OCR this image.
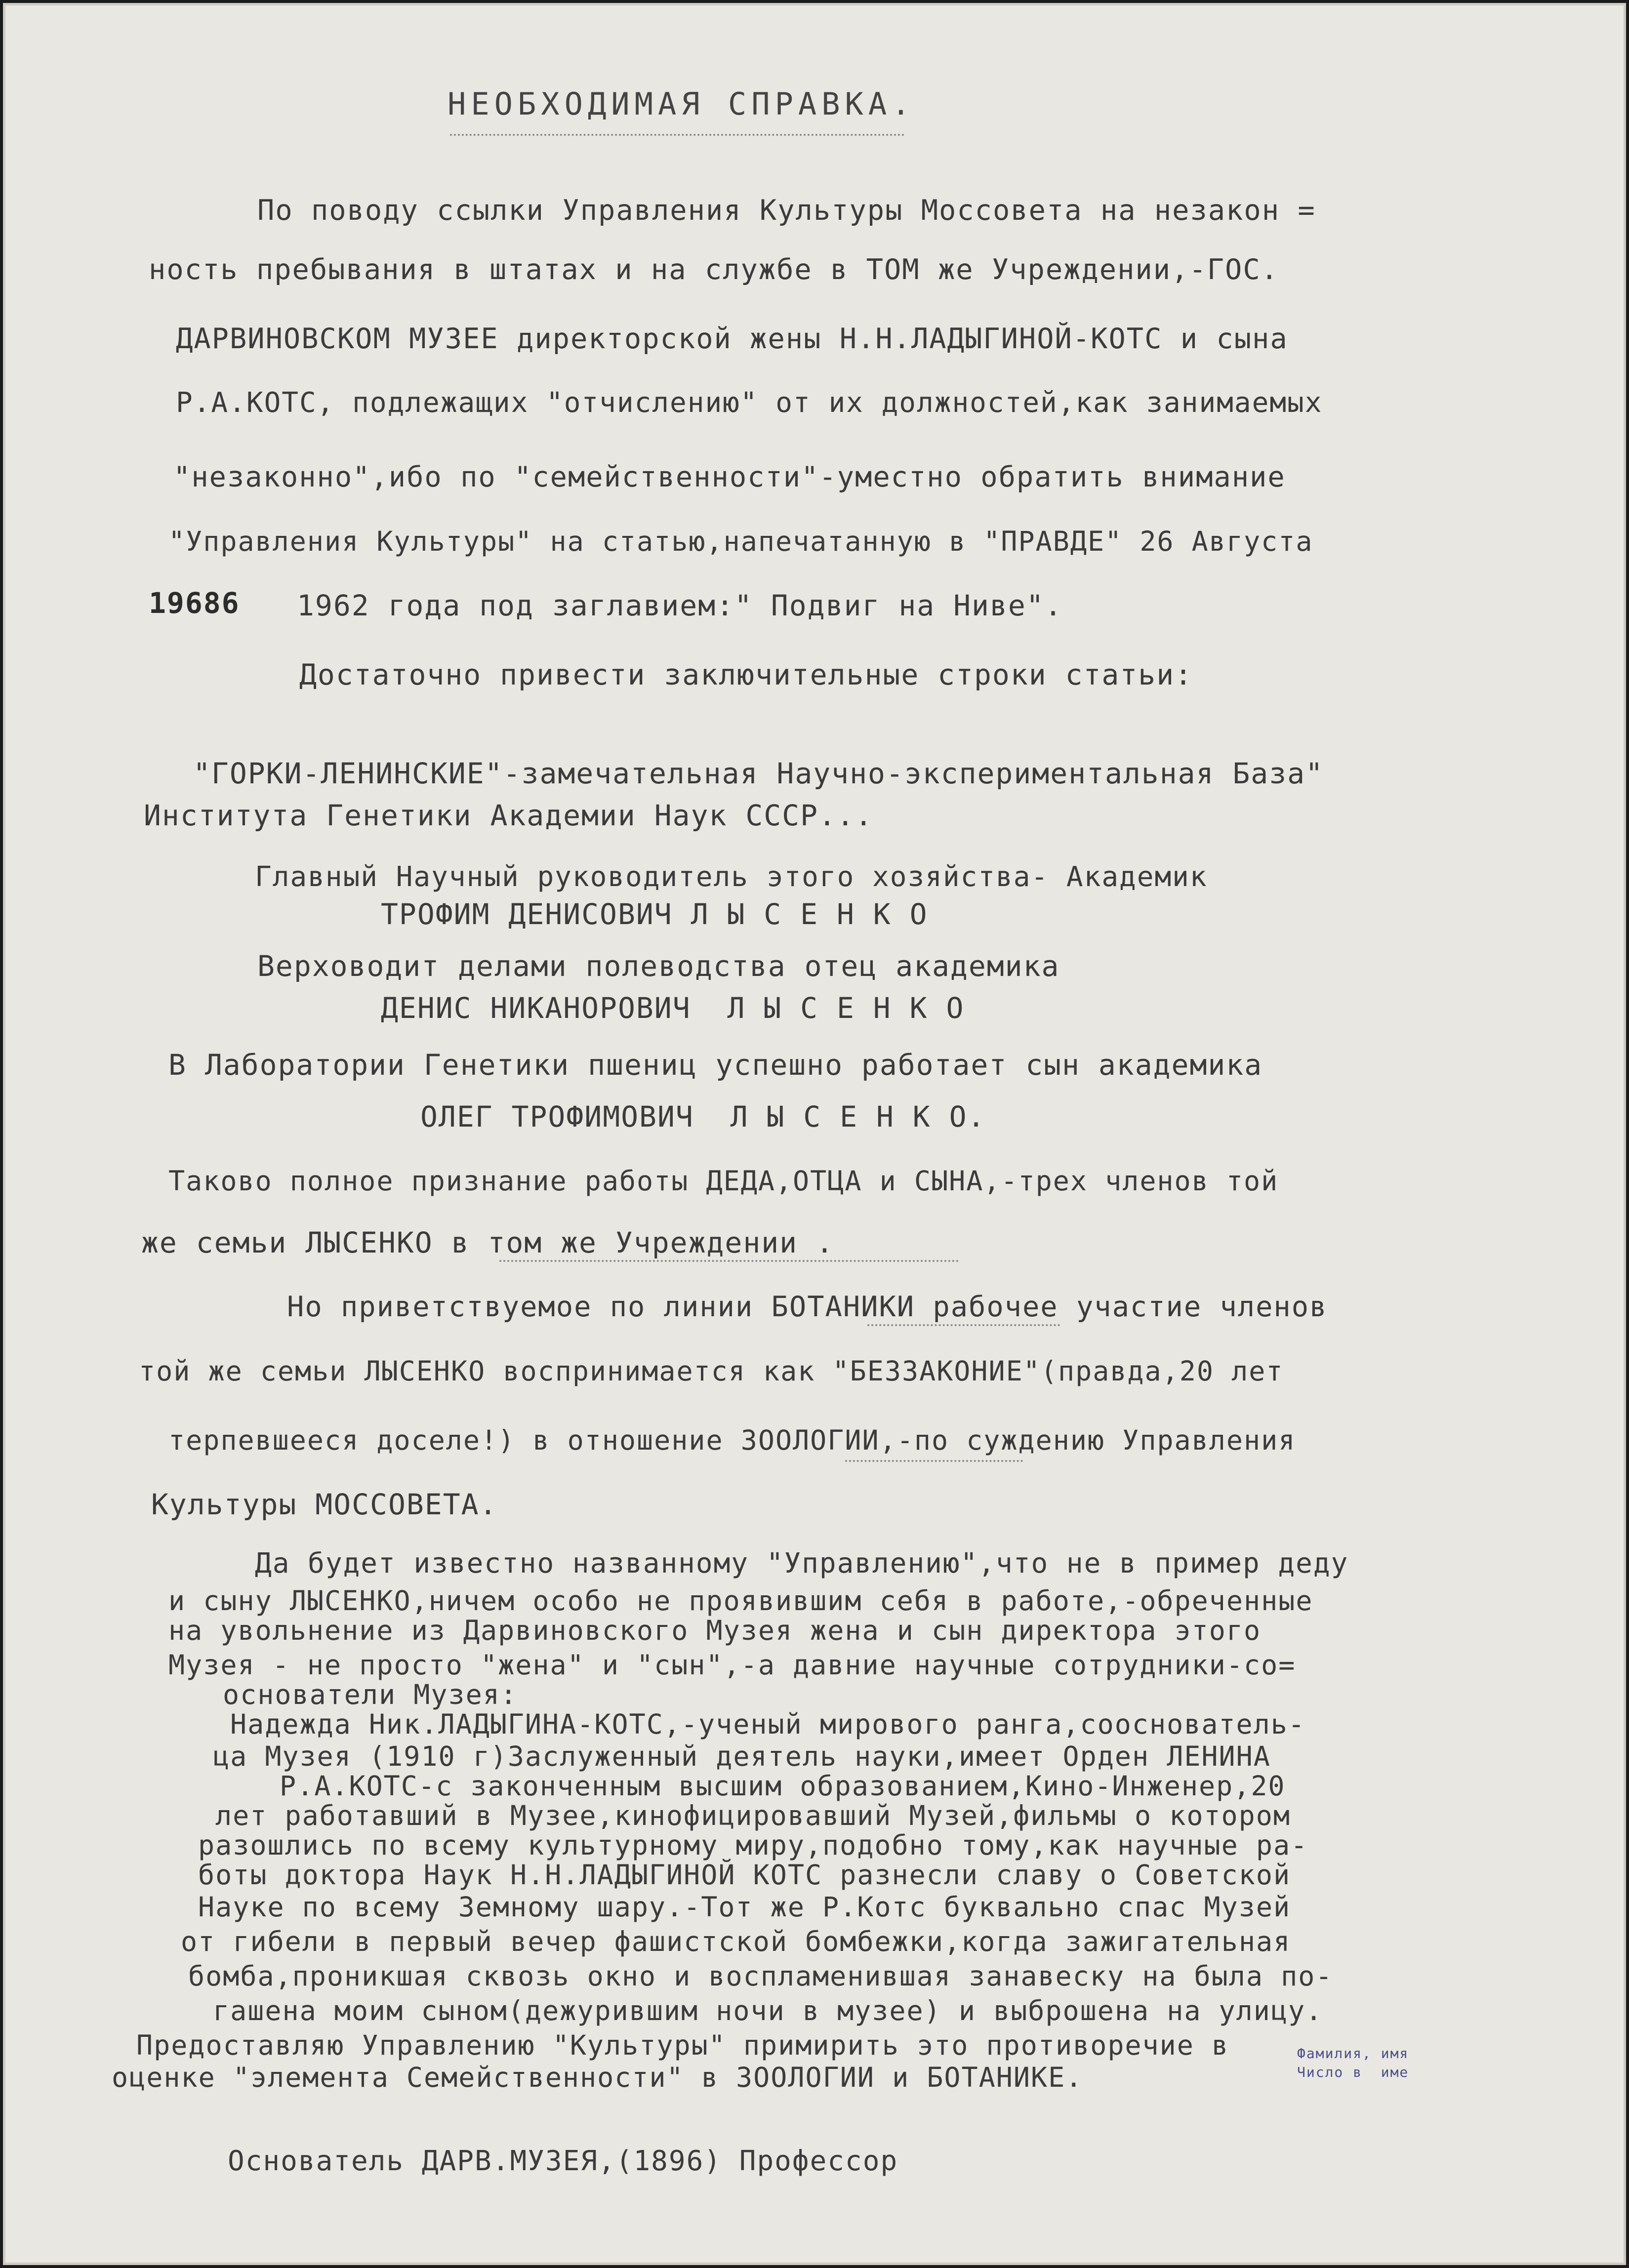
НЕОБХОДИМАЯ СПРАВКА.
По поводу ссылки Управления Культуры Моссовета на незакон =
ность пребывания в штатах и на службе в ТОМ же Учреждении,-ГОС.
ДАРВИНОВСКОМ МУЗЕЕ директорской жены Н.Н.ЛАДЫГИНОЙ-КОТС и сына
Р.А.КОТС, подлежащих "отчислению" от их должностей,как занимаемых
"незаконно",ибо по "семейственности"-уместно обратить внимание
"Управления Культуры" на статью,напечатанную в "ПРАВДЕ" 26 Августа
19686 1962 года под заглавием:" Подвиг на Ниве".
Достаточно привести заключительные строки статьи:
"ГОРКИ-ЛЕНИНСКИЕ"-замечательная Научно-экспериментальная База"
Института Генетики Академии Наук СССР...
Главный Научный руководитель этого хозяйства- Академик
ТРОФИМ ДЕНИСОВИЧ Л Ы С Е Н К О
Верховодит делами полеводства отец академика
ДЕНИС НИКАНОРОВИЧ  Л Ы С Е Н К О
В Лаборатории Генетики пшениц успешно работает сын академика
ОЛЕГ ТРОФИМОВИЧ  Л Ы С Е Н К О.
Таково полное признание работы ДЕДА,ОТЦА и СЫНА,-трех членов той
же семьи ЛЫСЕНКО в том же Учреждении .
Но приветствуемое по линии БОТАНИКИ рабочее участие членов
той же семьи ЛЫСЕНКО воспринимается как "БЕЗЗАКОНИЕ"(правда,20 лет
терпевшееся доселе!) в отношение ЗООЛОГИИ,-по суждению Управления
Культуры МОССОВЕТА.
Да будет известно названному "Управлению",что не в пример деду
и сыну ЛЫСЕНКО,ничем особо не проявившим себя в работе,-обреченные
на увольнение из Дарвиновского Музея жена и сын директора этого
Музея - не просто "жена" и "сын",-а давние научные сотрудники-со=
основатели Музея:
Надежда Ник.ЛАДЫГИНА-КОТС,-ученый мирового ранга,сооснователь-
ца Музея (1910 г)Заслуженный деятель науки,имеет Орден ЛЕНИНА
Р.А.КОТС-с законченным высшим образованием,Кино-Инженер,20
лет работавший в Музее,кинофицировавший Музей,фильмы о котором
разошлись по всему культурному миру,подобно тому,как научные ра-
боты доктора Наук Н.Н.ЛАДЫГИНОЙ КОТС разнесли славу о Советской
Науке по всему Земному шару.-Тот же Р.Котс буквально спас Музей
от гибели в первый вечер фашистской бомбежки,когда зажигательная
бомба,проникшая сквозь окно и воспламенившая занавеску на была по-
гашена моим сыном(дежурившим ночи в музее) и выброшена на улицу.
Предоставляю Управлению "Культуры" примирить это противоречие в
оценке "элемента Семейственности" в ЗООЛОГИИ и БОТАНИКЕ.
Фамилия, имя
Число в  име
Основатель ДАРВ.МУЗЕЯ,(1896) Профессор
